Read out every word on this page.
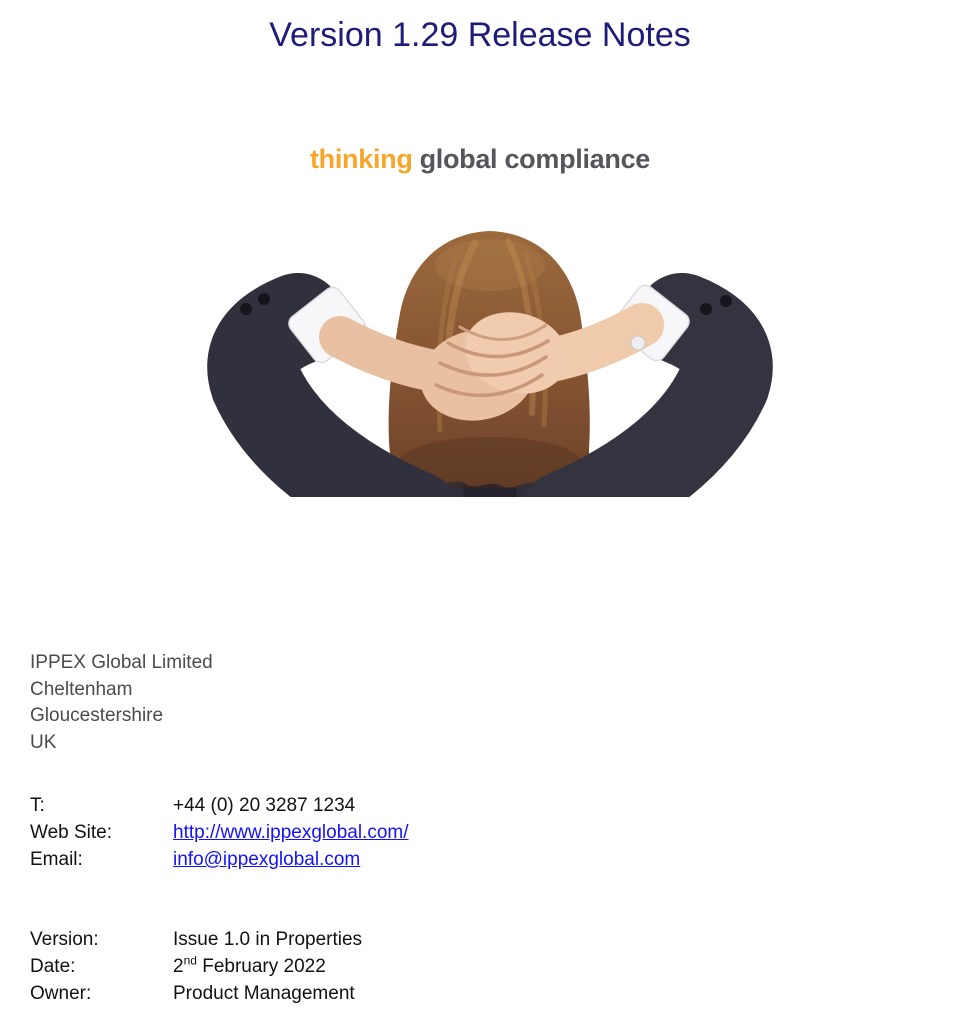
Version 1.29 Release Notes
thinking global compliance
IPPEX Global Limited
Cheltenham
Gloucestershire
UK
T:	+44 (0) 20 3287 1234
Web Site:	http://www.ippexglobal.com/
Email:	info@ippexglobal.com
Version:	Issue 1.0 in Properties
Date:	2nd February 2022
Owner:	Product Management
